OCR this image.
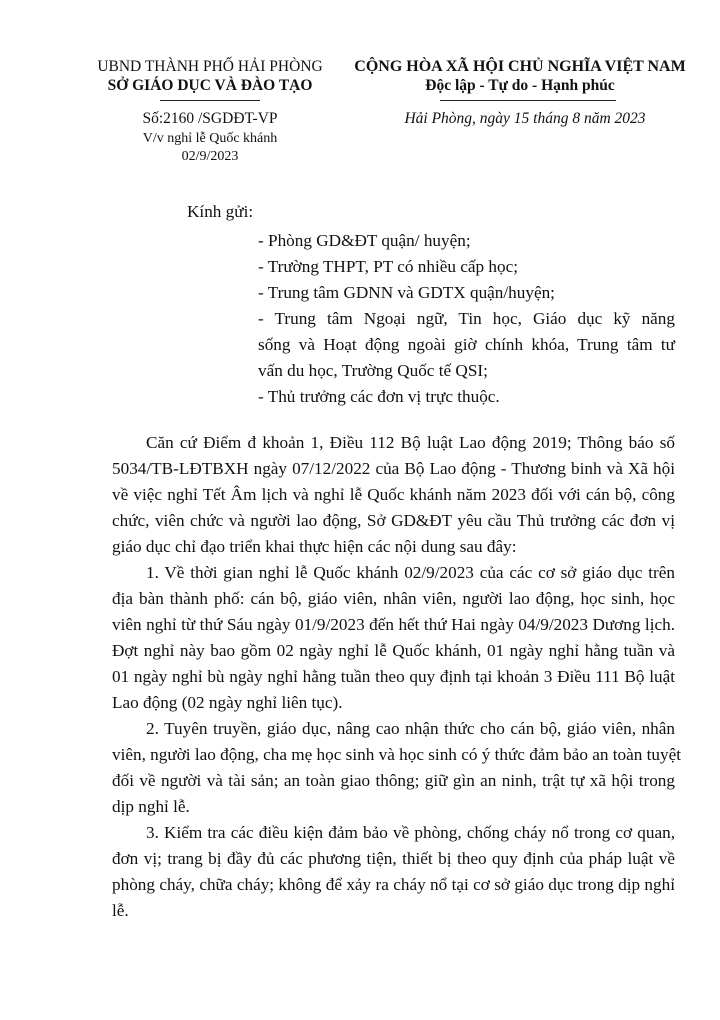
UBND THÀNH PHỐ HẢI PHÒNG
SỞ GIÁO DỤC VÀ ĐÀO TẠO
Số:2160 /SGDĐT-VP
V/v nghỉ lễ Quốc khánh
02/9/2023
CỘNG HÒA XÃ HỘI CHỦ NGHĨA VIỆT NAM
Độc lập - Tự do - Hạnh phúc
Hải Phòng, ngày 15 tháng 8 năm 2023
Kính gửi:
- Phòng GD&ĐT quận/ huyện;
- Trường THPT, PT có nhiều cấp học;
- Trung tâm GDNN và GDTX quận/huyện;
- Trung tâm Ngoại ngữ, Tin học, Giáo dục kỹ năng
sống và Hoạt động ngoài giờ chính khóa, Trung tâm tư
vấn du học, Trường Quốc tế QSI;
- Thủ trưởng các đơn vị trực thuộc.
Căn cứ Điểm đ khoản 1, Điều 112 Bộ luật Lao động 2019; Thông báo số
5034/TB-LĐTBXH ngày 07/12/2022 của Bộ Lao động - Thương binh và Xã hội
về việc nghỉ Tết Âm lịch và nghỉ lễ Quốc khánh năm 2023 đối với cán bộ, công
chức, viên chức và người lao động, Sở GD&ĐT yêu cầu Thủ trưởng các đơn vị
giáo dục chỉ đạo triển khai thực hiện các nội dung sau đây:
1. Về thời gian nghỉ lễ Quốc khánh 02/9/2023 của các cơ sở giáo dục trên
địa bàn thành phố: cán bộ, giáo viên, nhân viên, người lao động, học sinh, học
viên nghỉ từ thứ Sáu ngày 01/9/2023 đến hết thứ Hai ngày 04/9/2023 Dương lịch.
Đợt nghỉ này bao gồm 02 ngày nghỉ lễ Quốc khánh, 01 ngày nghỉ hằng tuần và
01 ngày nghỉ bù ngày nghỉ hằng tuần theo quy định tại khoản 3 Điều 111 Bộ luật
Lao động (02 ngày nghỉ liên tục).
2. Tuyên truyền, giáo dục, nâng cao nhận thức cho cán bộ, giáo viên, nhân
viên, người lao động, cha mẹ học sinh và học sinh có ý thức đảm bảo an toàn tuyệt
đối về người và tài sản; an toàn giao thông; giữ gìn an ninh, trật tự xã hội trong
dịp nghỉ lễ.
3. Kiểm tra các điều kiện đảm bảo về phòng, chống cháy nổ trong cơ quan,
đơn vị; trang bị đầy đủ các phương tiện, thiết bị theo quy định của pháp luật về
phòng cháy, chữa cháy; không để xảy ra cháy nổ tại cơ sở giáo dục trong dịp nghỉ
lễ.
